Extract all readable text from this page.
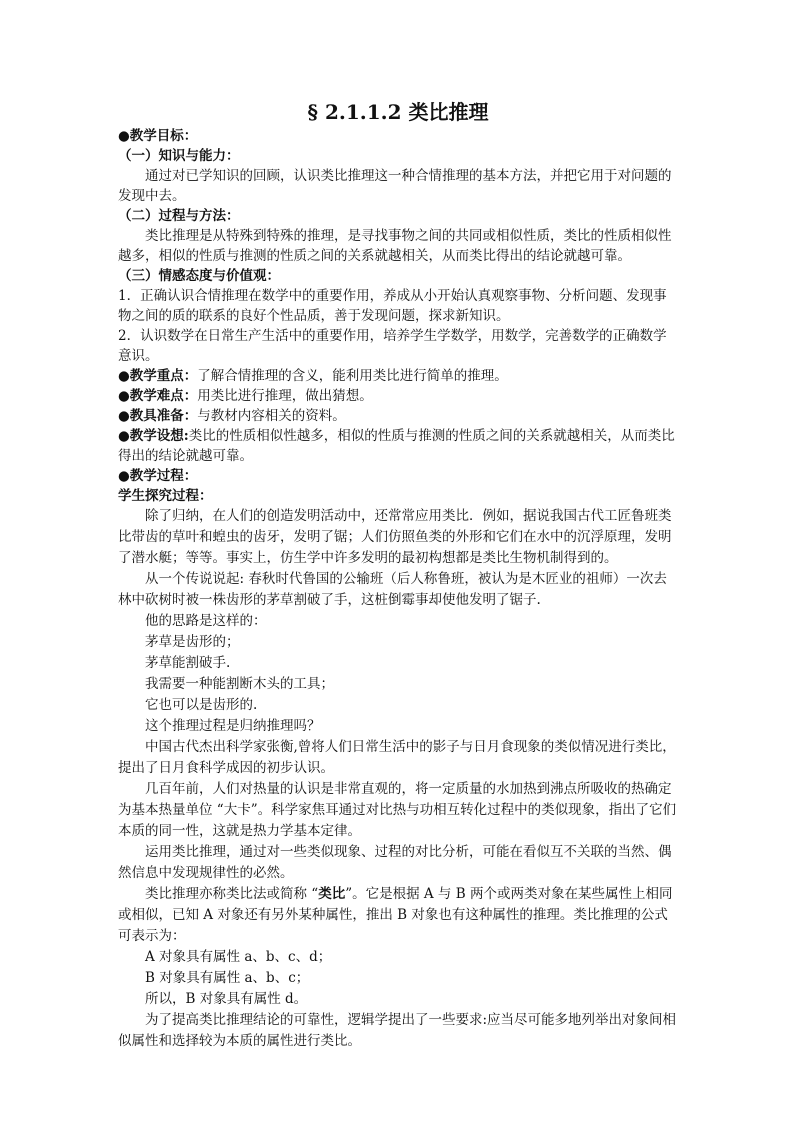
§ 2.1.1.2 类比推理
● 教学目标：
（一）知识与能力：
通过对已学知识的回顾，认识类比推理这一种合情推理的基本方法，并把它用于对问题的发现中去。
（二）过程与方法：
类比推理是从特殊到特殊的推理，是寻找事物之间的共同或相似性质，类比的性质相似性越多，相似的性质与推测的性质之间的关系就越相关，从而类比得出的结论就越可靠。
（三）情感态度与价值观：
1．正确认识合情推理在数学中的重要作用，养成从小开始认真观察事物、分析问题、发现事物之间的质的联系的良好个性品质，善于发现问题，探求新知识。
2．认识数学在日常生产生活中的重要作用，培养学生学数学，用数学，完善数学的正确数学意识。
● 教学重点：了解合情推理的含义，能利用类比进行简单的推理。
● 教学难点：用类比进行推理，做出猜想。
● 教具准备：与教材内容相关的资料。
● 教学设想:类比的性质相似性越多，相似的性质与推测的性质之间的关系就越相关，从而类比得出的结论就越可靠。
● 教学过程：
学生探究过程：
除了归纳，在人们的创造发明活动中，还常常应用类比．例如，据说我国古代工匠鲁班类比带齿的草叶和蝗虫的齿牙，发明了锯；人们仿照鱼类的外形和它们在水中的沉浮原理，发明了潜水艇；等等。事实上，仿生学中许多发明的最初构想都是类比生物机制得到的。
从一个传说说起: 春秋时代鲁国的公输班（后人称鲁班，被认为是木匠业的祖师）一次去林中砍树时被一株齿形的茅草割破了手，这桩倒霉事却使他发明了锯子.
他的思路是这样的：
茅草是齿形的；
茅草能割破手.
我需要一种能割断木头的工具；
它也可以是齿形的.
这个推理过程是归纳推理吗？
中国古代杰出科学家张衡,曾将人们日常生活中的影子与日月食现象的类似情况进行类比，提出了日月食科学成因的初步认识。
几百年前，人们对热量的认识是非常直观的，将一定质量的水加热到沸点所吸收的热确定为基本热量单位 “大卡”。科学家焦耳通过对比热与功相互转化过程中的类似现象，指出了它们本质的同一性，这就是热力学基本定律。
运用类比推理，通过对一些类似现象、过程的对比分析，可能在看似互不关联的当然、偶然信息中发现规律性的必然。
类比推理亦称类比法或简称 “类比”。它是根据 A 与 B 两个或两类对象在某些属性上相同或相似，已知 A 对象还有另外某种属性，推出 B 对象也有这种属性的推理。类比推理的公式可表示为：
A 对象具有属性 a、b、c、d；
B 对象具有属性 a、b、c；
所以，B 对象具有属性 d。
为了提高类比推理结论的可靠性，逻辑学提出了一些要求:应当尽可能多地列举出对象间相似属性和选择较为本质的属性进行类比。
